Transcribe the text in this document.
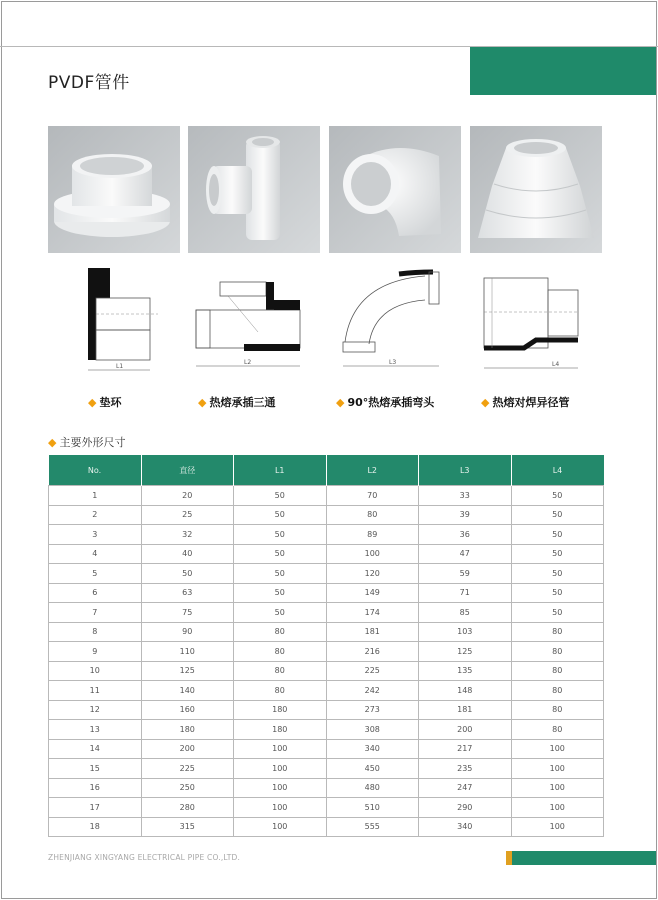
PVDF管件
L1
L2	L3	L4
◆ 垫环	◆ 热熔承插三通	◆ 90°热熔承插弯头	◆ 热熔对焊异径管
◆ 主要外形尺寸
No.	直径	L1	L2	L3	L4
1	20	50	70	33	50
2	25	50	80	39	50
3	32	50	89	36	50
4	40	50	100	47	50
5	50	50	120	59	50
6	63	50	149	71	50
7	75	50	174	85	50
8	90	80	181	103	80
9	110	80	216	125	80
10	125	80	225	135	80
11	140	80	242	148	80
12	160	180	273	181	80
13	180	180	308	200	80
14	200	100	340	217	100
15	225	100	450	235	100
16	250	100	480	247	100
17	280	100	510	290	100
18	315	100	555	340	100
ZHENJIANG XINGYANG ELECTRICAL PIPE CO.,LTD.
